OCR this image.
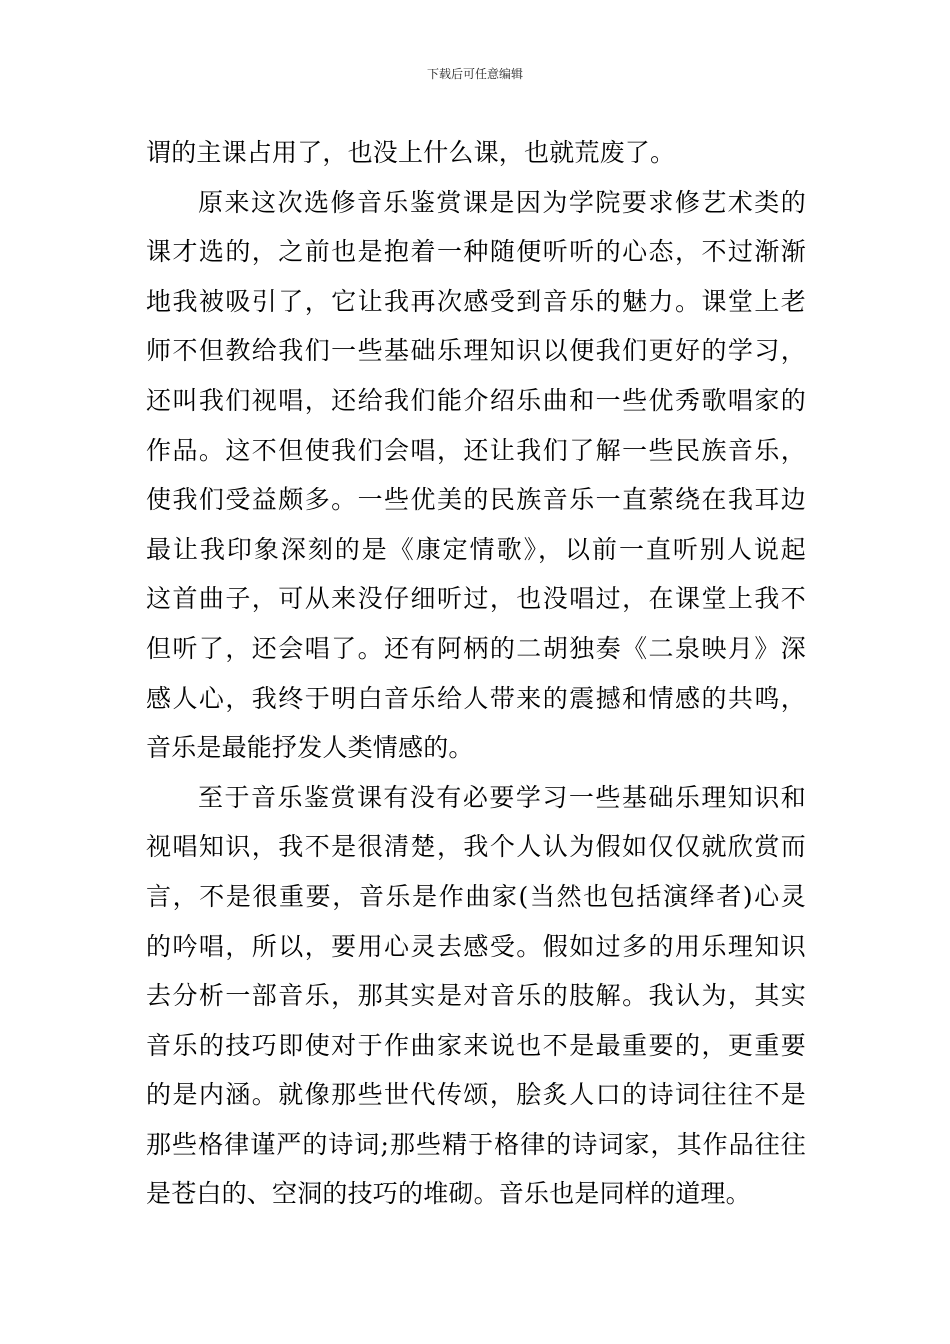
下载后可任意编辑
谓的主课占用了，也没上什么课，也就荒废了。
原来这次选修音乐鉴赏课是因为学院要求修艺术类的
课才选的，之前也是抱着一种随便听听的心态，不过渐渐
地我被吸引了，它让我再次感受到音乐的魅力。课堂上老
师不但教给我们一些基础乐理知识以便我们更好的学习，
还叫我们视唱，还给我们能介绍乐曲和一些优秀歌唱家的
作品。这不但使我们会唱，还让我们了解一些民族音乐，
使我们受益颇多。一些优美的民族音乐一直萦绕在我耳边
最让我印象深刻的是《康定情歌》，以前一直听别人说起
这首曲子，可从来没仔细听过，也没唱过，在课堂上我不
但听了，还会唱了。还有阿柄的二胡独奏《二泉映月》深
感人心，我终于明白音乐给人带来的震撼和情感的共鸣，
音乐是最能抒发人类情感的。
至于音乐鉴赏课有没有必要学习一些基础乐理知识和
视唱知识，我不是很清楚，我个人认为假如仅仅就欣赏而
言，不是很重要，音乐是作曲家(当然也包括演绎者)心灵
的吟唱，所以，要用心灵去感受。假如过多的用乐理知识
去分析一部音乐，那其实是对音乐的肢解。我认为，其实
音乐的技巧即使对于作曲家来说也不是最重要的，更重要
的是内涵。就像那些世代传颂，脍炙人口的诗词往往不是
那些格律谨严的诗词;那些精于格律的诗词家，其作品往往
是苍白的、空洞的技巧的堆砌。音乐也是同样的道理。
